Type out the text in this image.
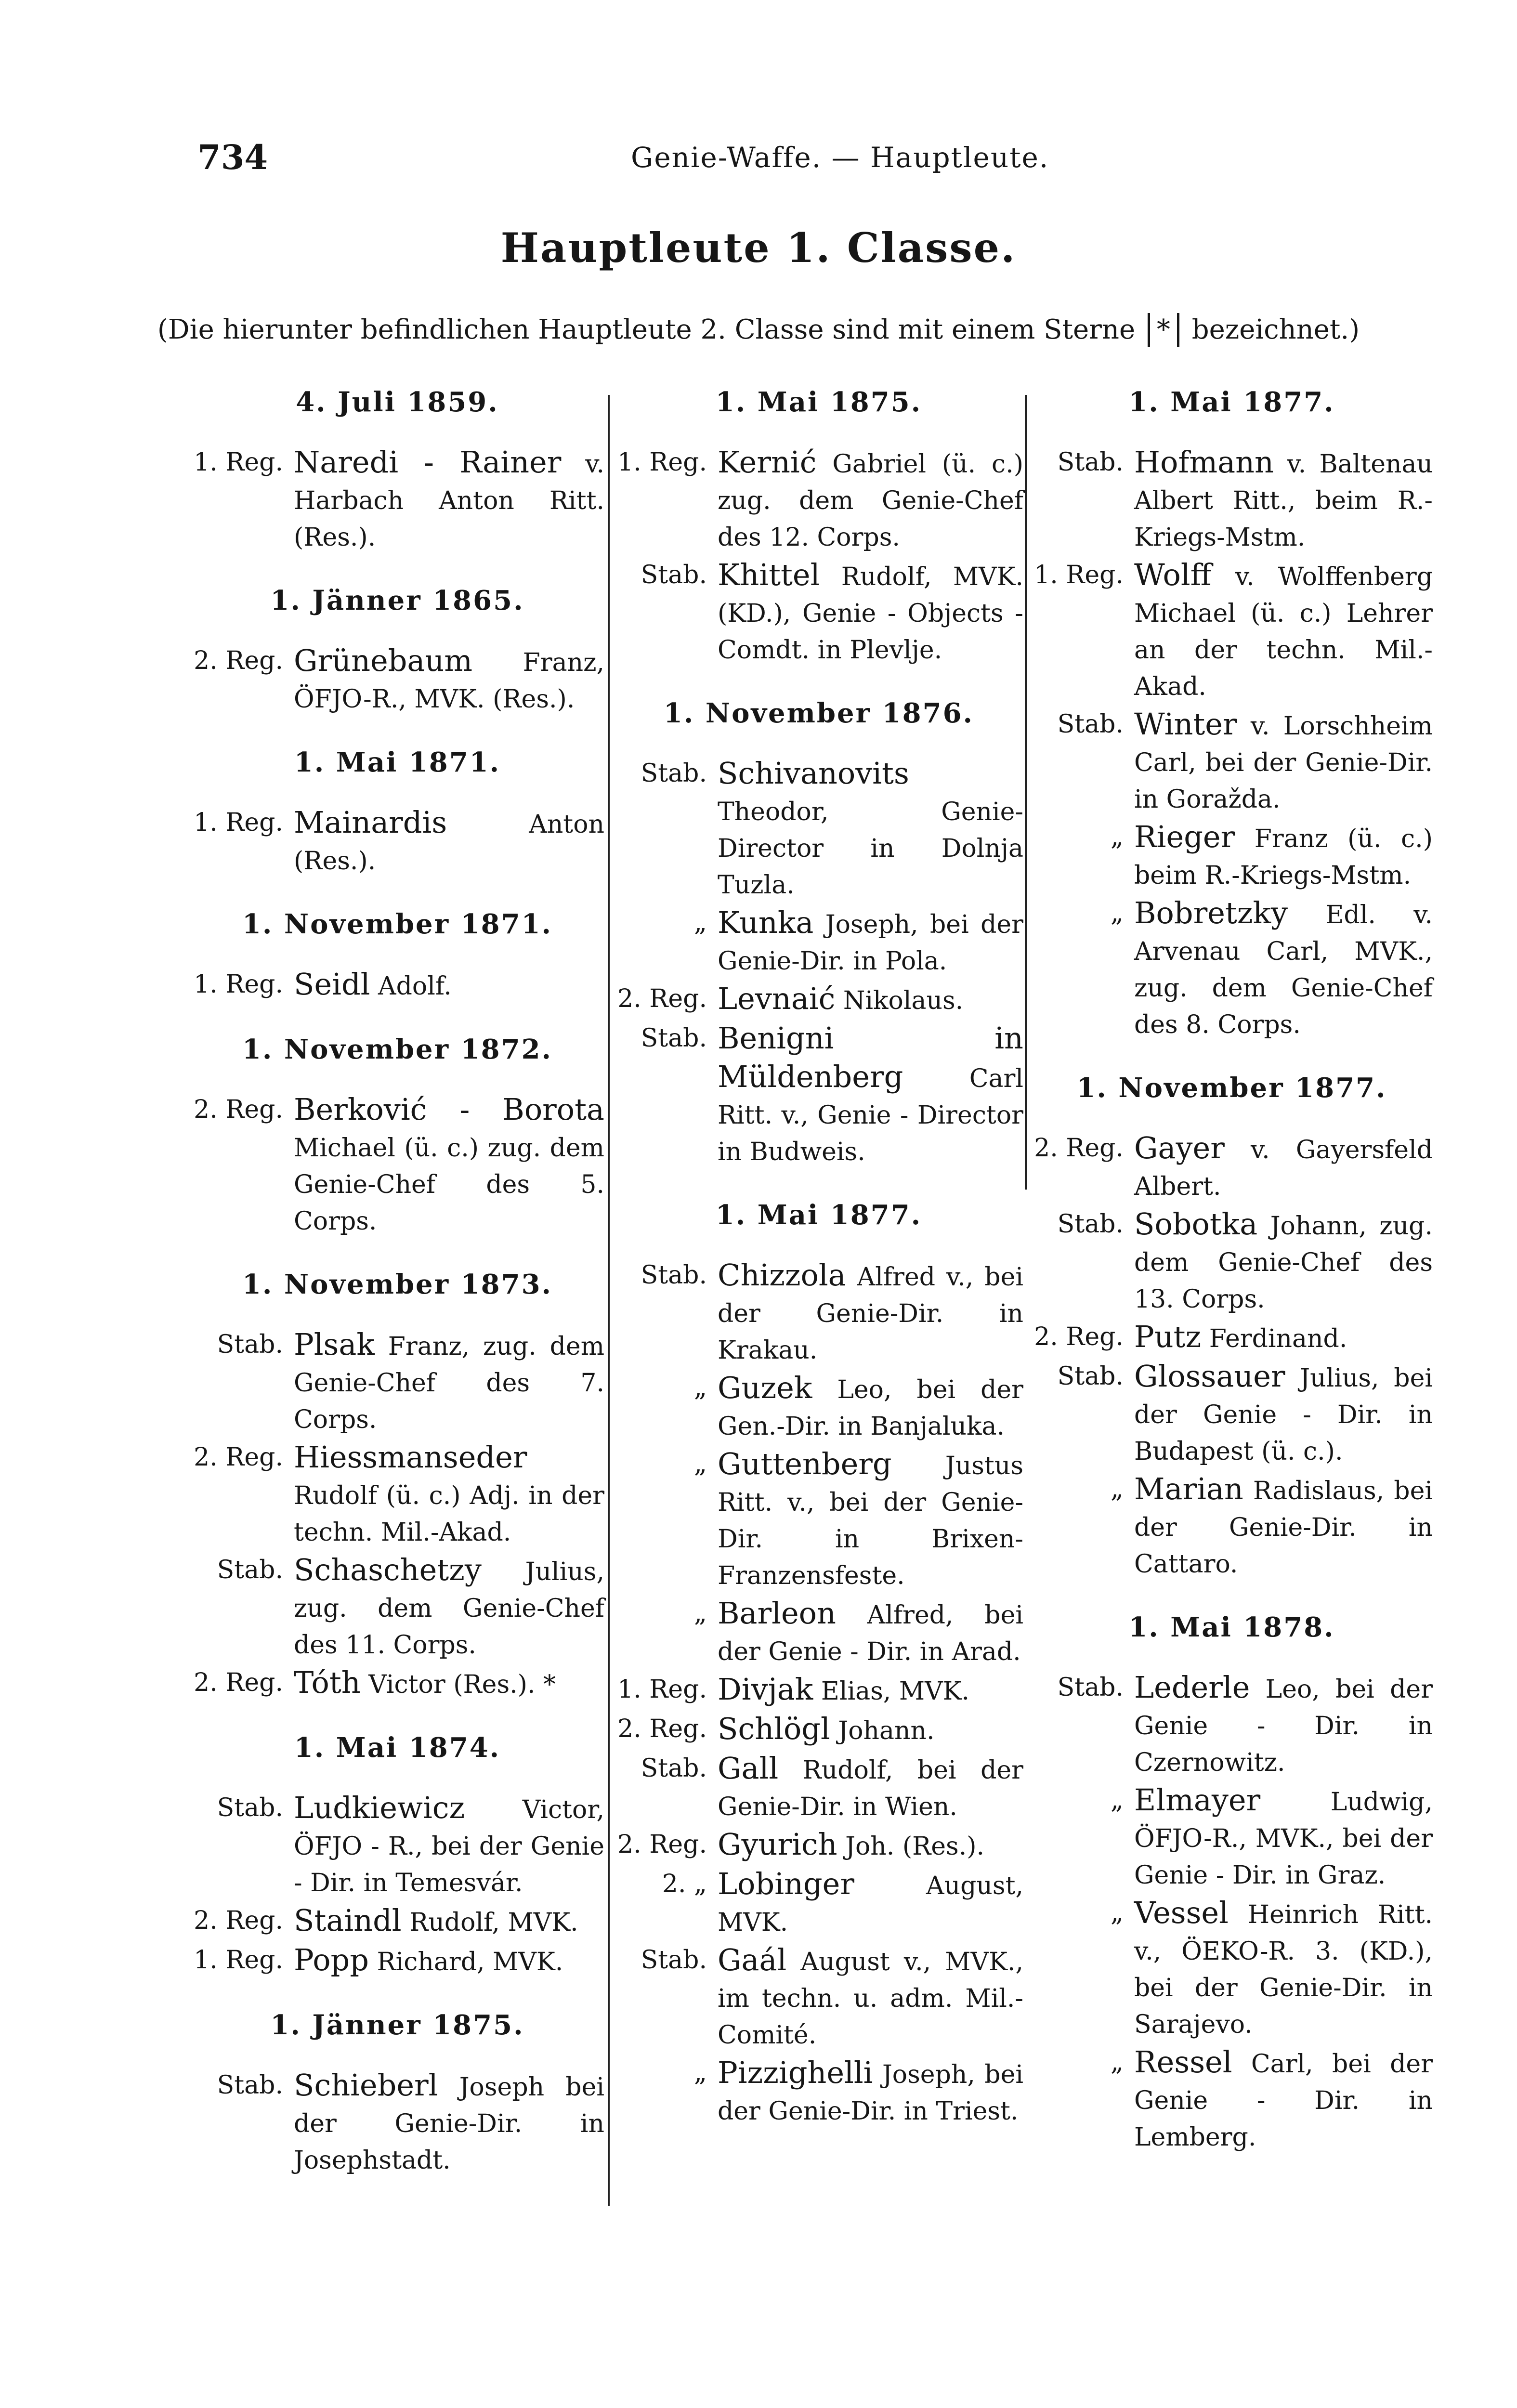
734	Genie-Waffe. — Hauptleute.
Hauptleute 1. Classe.
(Die hierunter befindlichen Hauptleute 2. Classe sind mit einem Sterne * bezeichnet.)
4. Juli 1859.
1. Reg. Naredi - Rainer v. Harbach Anton Ritt. (Res.).
1. Jänner 1865.
2. Reg. Grünebaum Franz, ÖFJO-R., MVK. (Res.).
1. Mai 1871.
1. Reg. Mainardis Anton (Res.).
1. November 1871.
1. Reg. Seidl Adolf.
1. November 1872.
2. Reg. Berković - Borota Michael (ü. c.) zug. dem Genie-Chef des 5. Corps.
1. November 1873.
Stab. Plsak Franz, zug. dem Genie-Chef des 7. Corps.
2. Reg. Hiessmanseder Rudolf (ü. c.) Adj. in der techn. Mil.-Akad.
Stab. Schaschetzy Julius, zug. dem Genie-Chef des 11. Corps.
2. Reg. Tóth Victor (Res.). *
1. Mai 1874.
Stab. Ludkiewicz Victor, ÖFJO - R., bei der Genie - Dir. in Temesvár.
2. Reg. Staindl Rudolf, MVK.
1. Reg. Popp Richard, MVK.
1. Jänner 1875.
Stab. Schieberl Joseph bei der Genie-Dir. in Josephstadt.
1. Mai 1875.
1. Reg. Kernić Gabriel (ü. c.) zug. dem Genie-Chef des 12. Corps.
Stab. Khittel Rudolf, MVK. (KD.), Genie - Objects - Comdt. in Plevlje.
1. November 1876.
Stab. Schivanovits Theodor, Genie-Director in Dolnja Tuzla.
„ Kunka Joseph, bei der Genie-Dir. in Pola.
2. Reg. Levnaić Nikolaus.
Stab. Benigni in Müldenberg Carl Ritt. v., Genie - Director in Budweis.
1. Mai 1877.
Stab. Chizzola Alfred v., bei der Genie-Dir. in Krakau.
„ Guzek Leo, bei der Gen.-Dir. in Banjaluka.
„ Guttenberg Justus Ritt. v., bei der Genie-Dir. in Brixen-Franzensfeste.
„ Barleon Alfred, bei der Genie - Dir. in Arad.
1. Reg. Divjak Elias, MVK.
2. Reg. Schlögl Johann.
Stab. Gall Rudolf, bei der Genie-Dir. in Wien.
2. Reg. Gyurich Joh. (Res.).
2. „ Lobinger August, MVK.
Stab. Gaál August v., MVK., im techn. u. adm. Mil.-Comité.
„ Pizzighelli Joseph, bei der Genie-Dir. in Triest.
1. Mai 1877.
Stab. Hofmann v. Baltenau Albert Ritt., beim R.-Kriegs-Mstm.
1. Reg. Wolff v. Wolffenberg Michael (ü. c.) Lehrer an der techn. Mil.-Akad.
Stab. Winter v. Lorschheim Carl, bei der Genie-Dir. in Goražda.
„ Rieger Franz (ü. c.) beim R.-Kriegs-Mstm.
„ Bobretzky Edl. v. Arvenau Carl, MVK., zug. dem Genie-Chef des 8. Corps.
1. November 1877.
2. Reg. Gayer v. Gayersfeld Albert.
Stab. Sobotka Johann, zug. dem Genie-Chef des 13. Corps.
2. Reg. Putz Ferdinand.
Stab. Glossauer Julius, bei der Genie - Dir. in Budapest (ü. c.).
„ Marian Radislaus, bei der Genie-Dir. in Cattaro.
1. Mai 1878.
Stab. Lederle Leo, bei der Genie - Dir. in Czernowitz.
„ Elmayer Ludwig, ÖFJO-R., MVK., bei der Genie - Dir. in Graz.
„ Vessel Heinrich Ritt. v., ÖEKO-R. 3. (KD.), bei der Genie-Dir. in Sarajevo.
„ Ressel Carl, bei der Genie - Dir. in Lemberg.
